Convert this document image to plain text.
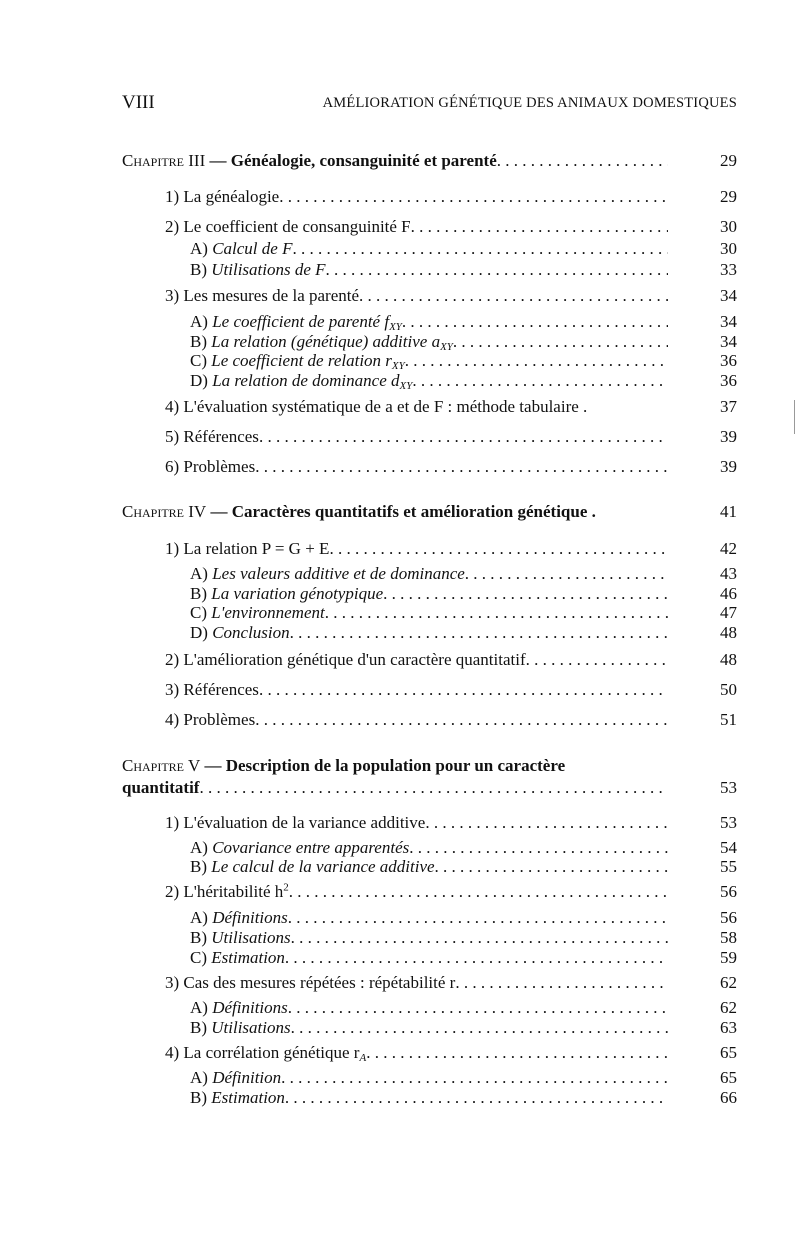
VIII	AMÉLIORATION GÉNÉTIQUE DES ANIMAUX DOMESTIQUES
Chapitre III — Généalogie, consanguinité et parenté . . .	29
1) La généalogie . . .	29
2) Le coefficient de consanguinité F . . .	30
A) Calcul de F . . .	30
B) Utilisations de F . . .	33
3) Les mesures de la parenté . . .	34
A) Le coefficient de parenté $f_{XY}$ . . .	34
B) La relation (génétique) additive $a_{XY}$ . . .	34
C) Le coefficient de relation $r_{XY}$ . . .	36
D) La relation de dominance $d_{XY}$ . . .	36
4) L'évaluation systématique de a et de F : méthode tabulaire .	37
5) Références . . .	39
6) Problèmes . . .	39
Chapitre IV — Caractères quantitatifs et amélioration génétique .	41
1) La relation P = G + E . . .	42
A) Les valeurs additive et de dominance . . .	43
B) La variation génotypique . . .	46
C) L'environnement . . .	47
D) Conclusion . . .	48
2) L'amélioration génétique d'un caractère quantitatif . . .	48
3) Références . . .	50
4) Problèmes . . .	51
Chapitre V — Description de la population pour un caractère
quantitatif . . .	53
1) L'évaluation de la variance additive . . .	53
A) Covariance entre apparentés . . .	54
B) Le calcul de la variance additive . . .	55
2) L'héritabilité $h^2$ . . .	56
A) Définitions . . .	56
B) Utilisations . . .	58
C) Estimation . . .	59
3) Cas des mesures répétées : répétabilité r . . .	62
A) Définitions . . .	62
B) Utilisations . . .	63
4) La corrélation génétique $r_A$ . . .	65
A) Définition . . .	65
B) Estimation . . .	66
